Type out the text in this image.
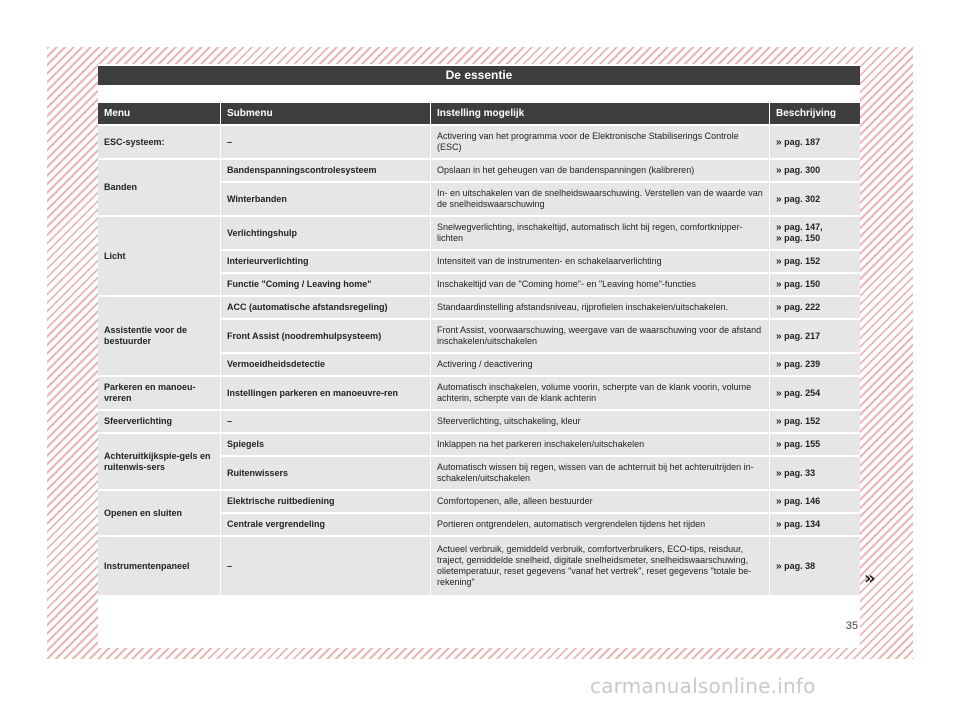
De essentie
Menu	Submenu	Instelling mogelijk	Beschrijving
ESC-systeem:	–	Activering van het programma voor de Elektronische Stabiliserings Controle (ESC)	» pag. 187
Banden	Bandenspanningscontrolesysteem	Opslaan in het geheugen van de bandenspanningen (kalibreren)	» pag. 300
	Winterbanden	In- en uitschakelen van de snelheidswaarschuwing. Verstellen van de waarde van de snelheidswaarschuwing	» pag. 302
Licht	Verlichtingshulp	Snelwegverlichting, inschakeltijd, automatisch licht bij regen, comfortknipper-lichten	» pag. 147,
» pag. 150
	Interieurverlichting	Intensiteit van de instrumenten- en schakelaarverlichting	» pag. 152
	Functie "Coming / Leaving home"	Inschakeltijd van de "Coming home"- en "Leaving home"-functies	» pag. 150
Assistentie voor de bestuurder	ACC (automatische afstandsregeling)	Standaardinstelling afstandsniveau, rijprofielen inschakelen/uitschakelen.	» pag. 222
	Front Assist (noodremhulpsysteem)	Front Assist, voorwaarschuwing, weergave van de waarschuwing voor de afstand inschakelen/uitschakelen	» pag. 217
	Vermoeidheidsdetectie	Activering / deactivering	» pag. 239
Parkeren en manoeu-vreren	Instellingen parkeren en manoeuvre-ren	Automatisch inschakelen, volume voorin, scherpte van de klank voorin, volume achterin, scherpte van de klank achterin	» pag. 254
Sfeerverlichting	–	Sfeerverlichting, uitschakeling, kleur	» pag. 152
Achteruitkijkspie-gels en ruitenwis-sers	Spiegels	Inklappen na het parkeren inschakelen/uitschakelen	» pag. 155
	Ruitenwissers	Automatisch wissen bij regen, wissen van de achterruit bij het achteruitrijden in-schakelen/uitschakelen	» pag. 33
Openen en sluiten	Elektrische ruitbediening	Comfortopenen, alle, alleen bestuurder	» pag. 146
	Centrale vergrendeling	Portieren ontgrendelen, automatisch vergrendelen tijdens het rijden	» pag. 134
Instrumentenpaneel	–	Actueel verbruik, gemiddeld verbruik, comfortverbruikers, ECO-tips, reisduur, traject, gemiddelde snelheid, digitale snelheidsmeter, snelheidswaarschuwing, olietemperatuur, reset gegevens "vanaf het vertrek", reset gegevens "totale be-rekening"	» pag. 38
»
35
carmanualsonline.info
